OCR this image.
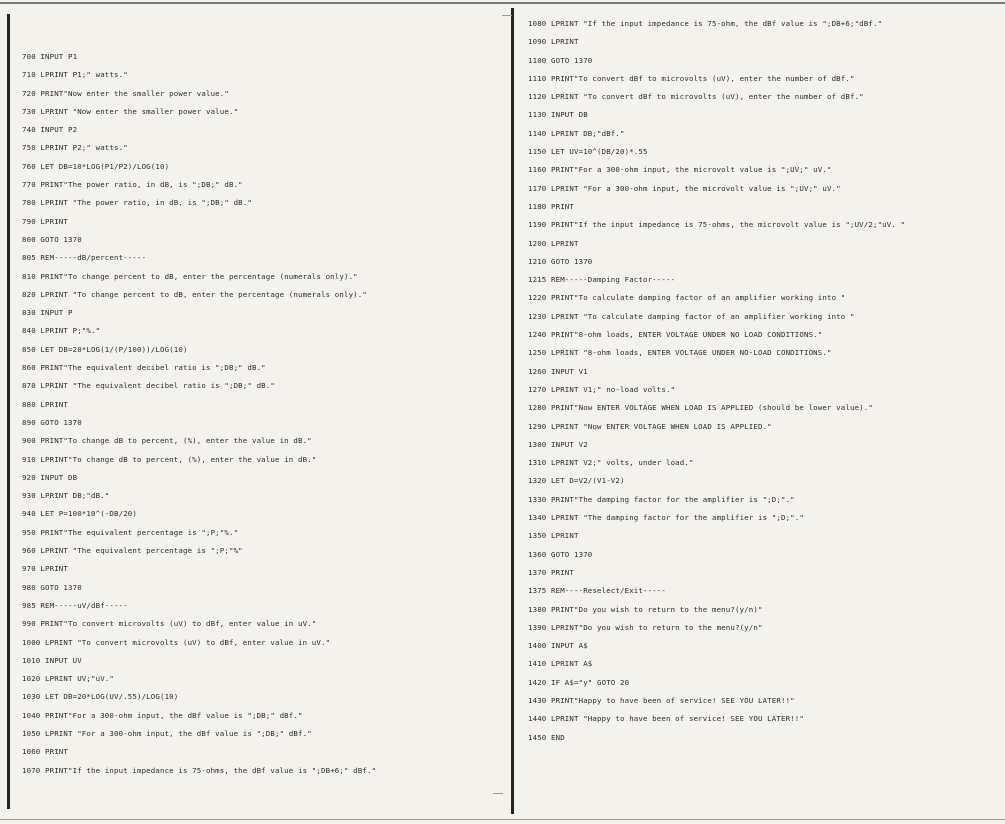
700 INPUT P1
710 LPRINT P1;" watts."
720 PRINT"Now enter the smaller power value."
730 LPRINT "Now enter the smaller power value."
740 INPUT P2
750 LPRINT P2;" watts."
760 LET DB=10*LOG(P1/P2)/LOG(10)
770 PRINT"The power ratio, in dB, is ";DB;" dB."
780 LPRINT "The power ratio, in dB, is ";DB;" dB."
790 LPRINT
800 GOTO 1370
805 REM-----dB/percent-----
810 PRINT"To change percent to dB, enter the percentage (numerals only)."
820 LPRINT "To change percent to dB, enter the percentage (numerals only)."
830 INPUT P
840 LPRINT P;"%."
850 LET DB=20*LOG(1/(P/100))/LOG(10)
860 PRINT"The equivalent decibel ratio is ";DB;" dB."
870 LPRINT "The equivalent decibel ratio is ";DB;" dB."
880 LPRINT
890 GOTO 1370
900 PRINT"To change dB to percent, (%), enter the value in dB."
910 LPRINT"To change dB to percent, (%), enter the value in dB."
920 INPUT DB
930 LPRINT DB;"dB."
940 LET P=100*10^(-DB/20)
950 PRINT"The equivalent percentage is ";P;"%."
960 LPRINT "The equivalent percentage is ";P;"%"
970 LPRINT
980 GOTO 1370
985 REM-----uV/dBf-----
990 PRINT"To convert microvolts (uV) to dBf, enter value in uV."
1000 LPRINT "To convert microvolts (uV) to dBf, enter value in uV."
1010 INPUT UV
1020 LPRINT UV;"uV."
1030 LET DB=20*LOG(UV/.55)/LOG(10)
1040 PRINT"For a 300-ohm input, the dBf value is ";DB;" dBf."
1050 LPRINT "For a 300-ohm input, the dBf value is ";DB;" dBf."
1060 PRINT
1070 PRINT"If the input impedance is 75-ohms, the dBf value is ";DB+6;" dBf."
1080 LPRINT "If the input impedance is 75-ohm, the dBf value is ";DB+6;"dBf."
1090 LPRINT
1100 GOTO 1370
1110 PRINT"To convert dBf to microvolts (uV), enter the number of dBf."
1120 LPRINT "To convert dBf to microvolts (uV), enter the number of dBf."
1130 INPUT DB
1140 LPRINT DB;"dBf."
1150 LET UV=10^(DB/20)*.55
1160 PRINT"For a 300-ohm input, the microvolt value is ";UV;" uV."
1170 LPRINT "For a 300-ohm input, the microvolt value is ";UV;" uV."
1180 PRINT
1190 PRINT"If the input impedance is 75-ohms, the microvolt value is ";UV/2;"uV. "
1200 LPRINT
1210 GOTO 1370
1215 REM-----Damping Factor-----
1220 PRINT"To calculate damping factor of an amplifier working into "
1230 LPRINT "To calculate damping factor of an amplifier working into "
1240 PRINT"8-ohm loads, ENTER VOLTAGE UNDER NO LOAD CONDITIONS."
1250 LPRINT "8-ohm loads, ENTER VOLTAGE UNDER NO-LOAD CONDITIONS."
1260 INPUT V1
1270 LPRINT V1;" no-load volts."
1280 PRINT"Now ENTER VOLTAGE WHEN LOAD IS APPLIED (should be lower value)."
1290 LPRINT "Now ENTER VOLTAGE WHEN LOAD IS APPLIED."
1300 INPUT V2
1310 LPRINT V2;" volts, under load."
1320 LET D=V2/(V1-V2)
1330 PRINT"The damping factor for the amplifier is ";D;"."
1340 LPRINT "The damping factor for the amplifier is ";D;"."
1350 LPRINT
1360 GOTO 1370
1370 PRINT
1375 REM----Reselect/Exit-----
1380 PRINT"Do you wish to return to the menu?(y/n)"
1390 LPRINT"Do you wish to return to the menu?(y/n"
1400 INPUT A$
1410 LPRINT A$
1420 IF A$="y" GOTO 20
1430 PRINT"Happy to have been of service! SEE YOU LATER!!"
1440 LPRINT "Happy to have been of service! SEE YOU LATER!!"
1450 END
